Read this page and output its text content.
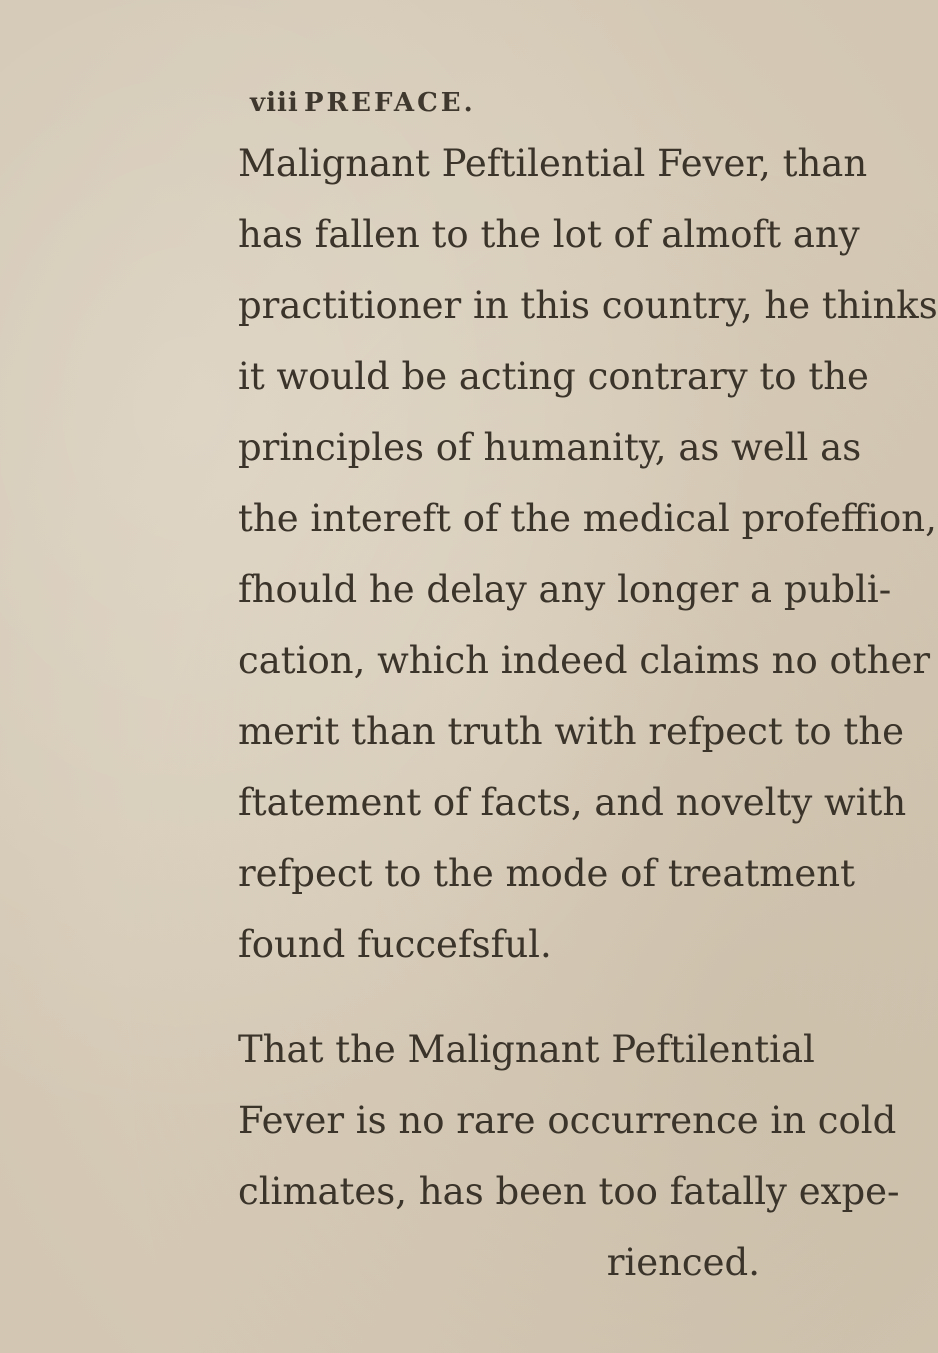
viii PREFACE.
Malignant Peftilential Fever, than
has fallen to the lot of almoft any
practitioner in this country, he thinks
it would be acting contrary to the
principles of humanity, as well as
the intereft of the medical profeffion,
fhould he delay any longer a publi-
cation, which indeed claims no other
merit than truth with refpect to the
ftatement of facts, and novelty with
refpect to the mode of treatment
found fuccefsful.
That the Malignant Peftilential
Fever is no rare occurrence in cold
climates, has been too fatally expe-
rienced.
